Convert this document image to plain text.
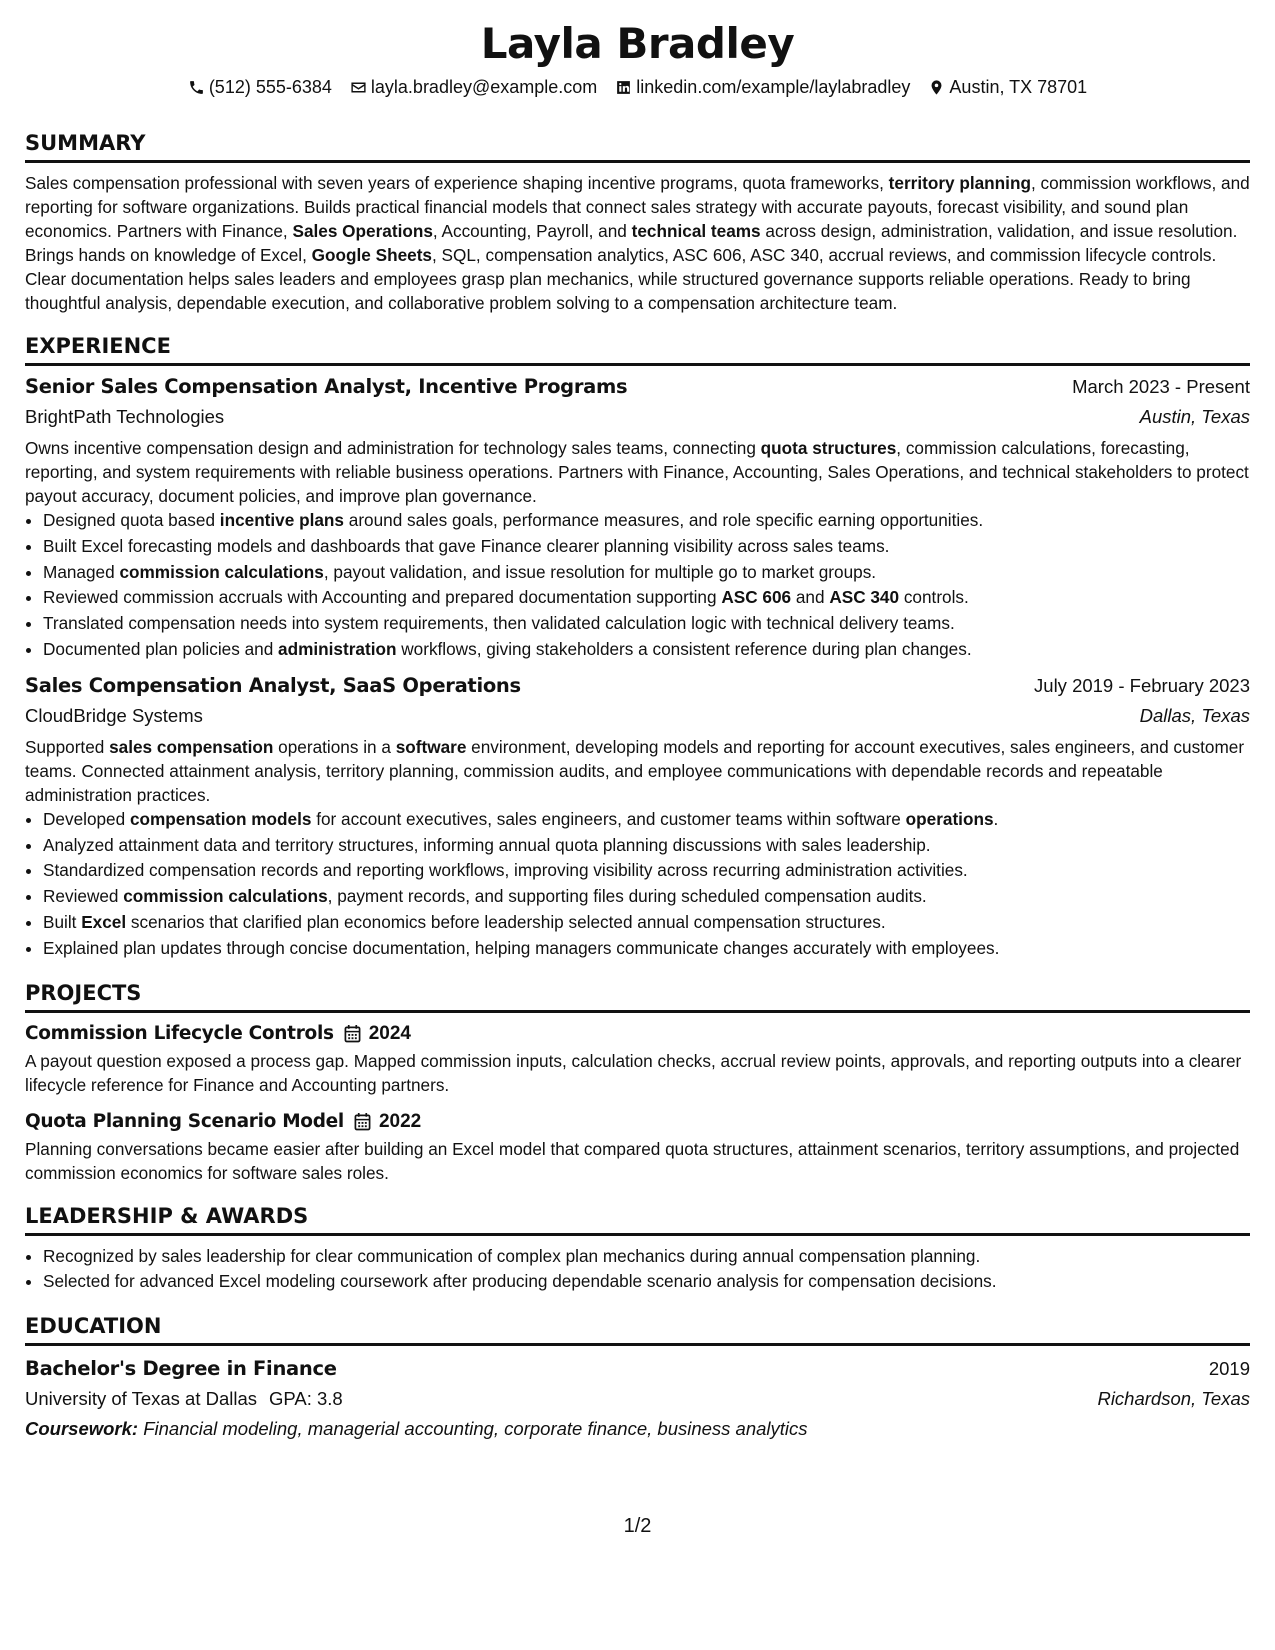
Layla Bradley
(512) 555-6384 layla.bradley@example.com linkedin.com/example/laylabradley Austin, TX 78701
SUMMARY

Sales compensation professional with seven years of experience shaping incentive programs, quota frameworks, territory planning, commission workflows, and reporting for software organizations. Builds practical financial models that connect sales strategy with accurate payouts, forecast visibility, and sound plan economics. Partners with Finance, Sales Operations, Accounting, Payroll, and technical teams across design, administration, validation, and issue resolution. Brings hands on knowledge of Excel, Google Sheets, SQL, compensation analytics, ASC 606, ASC 340, accrual reviews, and commission lifecycle controls. Clear documentation helps sales leaders and employees grasp plan mechanics, while structured governance supports reliable operations. Ready to bring thoughtful analysis, dependable execution, and collaborative problem solving to a compensation architecture team.

EXPERIENCE
Senior Sales Compensation Analyst, Incentive Programs	March 2023 - Present
BrightPath Technologies	Austin, Texas

Owns incentive compensation design and administration for technology sales teams, connecting quota structures, commission calculations, forecasting, reporting, and system requirements with reliable business operations. Partners with Finance, Accounting, Sales Operations, and technical stakeholders to protect payout accuracy, document policies, and improve plan governance.

• Designed quota based incentive plans around sales goals, performance measures, and role specific earning opportunities.
• Built Excel forecasting models and dashboards that gave Finance clearer planning visibility across sales teams.
• Managed commission calculations, payout validation, and issue resolution for multiple go to market groups.
• Reviewed commission accruals with Accounting and prepared documentation supporting ASC 606 and ASC 340 controls.
• Translated compensation needs into system requirements, then validated calculation logic with technical delivery teams.
• Documented plan policies and administration workflows, giving stakeholders a consistent reference during plan changes.
Sales Compensation Analyst, SaaS Operations	July 2019 - February 2023
CloudBridge Systems	Dallas, Texas

Supported sales compensation operations in a software environment, developing models and reporting for account executives, sales engineers, and customer teams. Connected attainment analysis, territory planning, commission audits, and employee communications with dependable records and repeatable administration practices.

• Developed compensation models for account executives, sales engineers, and customer teams within software operations.
• Analyzed attainment data and territory structures, informing annual quota planning discussions with sales leadership.
• Standardized compensation records and reporting workflows, improving visibility across recurring administration activities.
• Reviewed commission calculations, payment records, and supporting files during scheduled compensation audits.
• Built Excel scenarios that clarified plan economics before leadership selected annual compensation structures.
• Explained plan updates through concise documentation, helping managers communicate changes accurately with employees.
PROJECTS
Commission Lifecycle Controls 2024

A payout question exposed a process gap. Mapped commission inputs, calculation checks, accrual review points, approvals, and reporting outputs into a clearer lifecycle reference for Finance and Accounting partners.

Quota Planning Scenario Model 2022

Planning conversations became easier after building an Excel model that compared quota structures, attainment scenarios, territory assumptions, and projected commission economics for software sales roles.

LEADERSHIP & AWARDS
• Recognized by sales leadership for clear communication of complex plan mechanics during annual compensation planning.
• Selected for advanced Excel modeling coursework after producing dependable scenario analysis for compensation decisions.
EDUCATION
Bachelor's Degree in Finance	2019
University of Texas at Dallas GPA: 3.8	Richardson, Texas
Coursework: Financial modeling, managerial accounting, corporate finance, business analytics
1/2
